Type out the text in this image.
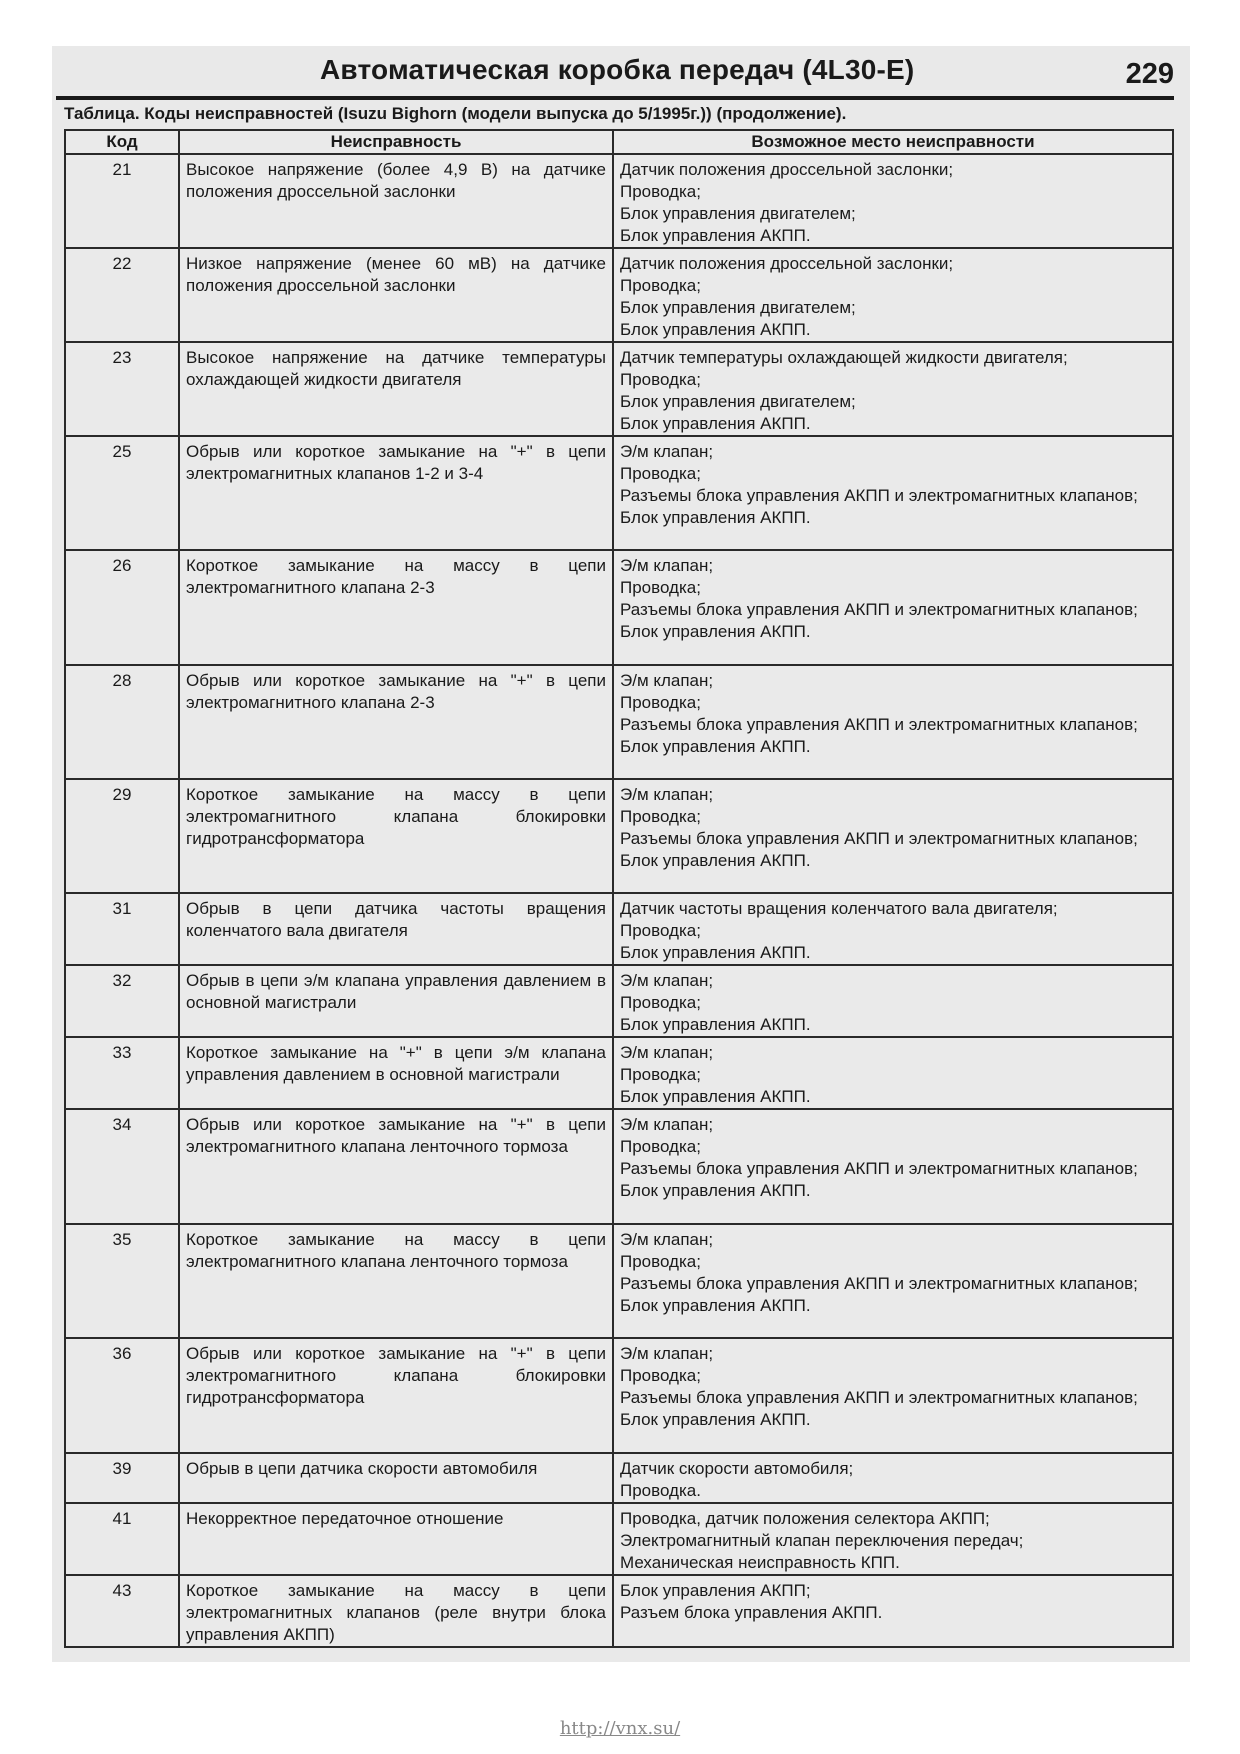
Автоматическая коробка передач (4L30-E)	229
Таблица. Коды неисправностей (Isuzu Bighorn (модели выпуска до 5/1995г.)) (продолжение).
Код	Неисправность	Возможное место неисправности
21	Высокое напряжение (более 4,9 В) на датчике положения дроссельной заслонки	Датчик положения дроссельной заслонки;
Проводка;
Блок управления двигателем;
Блок управления АКПП.

22	Низкое напряжение (менее 60 мВ) на датчике положения дроссельной заслонки	Датчик положения дроссельной заслонки;
Проводка;
Блок управления двигателем;
Блок управления АКПП.

23	Высокое напряжение на датчике температуры охлаждающей жидкости двигателя	Датчик температуры охлаждающей жидкости двигателя;
Проводка;
Блок управления двигателем;
Блок управления АКПП.

25	Обрыв или короткое замыкание на "+" в цепи электромагнитных клапанов 1-2 и 3-4	Э/м клапан;
Проводка;
Разъемы блока управления АКПП и электромагнитных клапанов;
Блок управления АКПП.

26	Короткое замыкание на массу в цепи электромагнитного клапана 2-3	Э/м клапан;
Проводка;
Разъемы блока управления АКПП и электромагнитных клапанов;
Блок управления АКПП.

28	Обрыв или короткое замыкание на "+" в цепи электромагнитного клапана 2-3	Э/м клапан;
Проводка;
Разъемы блока управления АКПП и электромагнитных клапанов;
Блок управления АКПП.

29	Короткое замыкание на массу в цепи электромагнитного клапана блокировки гидротрансформатора	Э/м клапан;
Проводка;
Разъемы блока управления АКПП и электромагнитных клапанов;
Блок управления АКПП.

31	Обрыв в цепи датчика частоты вращения коленчатого вала двигателя	Датчик частоты вращения коленчатого вала двигателя;
Проводка;
Блок управления АКПП.

32	Обрыв в цепи э/м клапана управления давлением в основной магистрали	Э/м клапан;
Проводка;
Блок управления АКПП.

33	Короткое замыкание на "+" в цепи э/м клапана управления давлением в основной магистрали	Э/м клапан;
Проводка;
Блок управления АКПП.

34	Обрыв или короткое замыкание на "+" в цепи электромагнитного клапана ленточного тормоза	Э/м клапан;
Проводка;
Разъемы блока управления АКПП и электромагнитных клапанов;
Блок управления АКПП.

35	Короткое замыкание на массу в цепи электромагнитного клапана ленточного тормоза	Э/м клапан;
Проводка;
Разъемы блока управления АКПП и электромагнитных клапанов;
Блок управления АКПП.

36	Обрыв или короткое замыкание на "+" в цепи электромагнитного клапана блокировки гидротрансформатора	Э/м клапан;
Проводка;
Разъемы блока управления АКПП и электромагнитных клапанов;
Блок управления АКПП.

39	Обрыв в цепи датчика скорости автомобиля	Датчик скорости автомобиля;
Проводка.

41	Некорректное передаточное отношение	Проводка, датчик положения селектора АКПП;
Электромагнитный клапан переключения передач;
Механическая неисправность КПП.

43	Короткое замыкание на массу в цепи электромагнитных клапанов (реле внутри блока управления АКПП)	Блок управления АКПП;
Разъем блока управления АКПП.
http://vnx.su/
